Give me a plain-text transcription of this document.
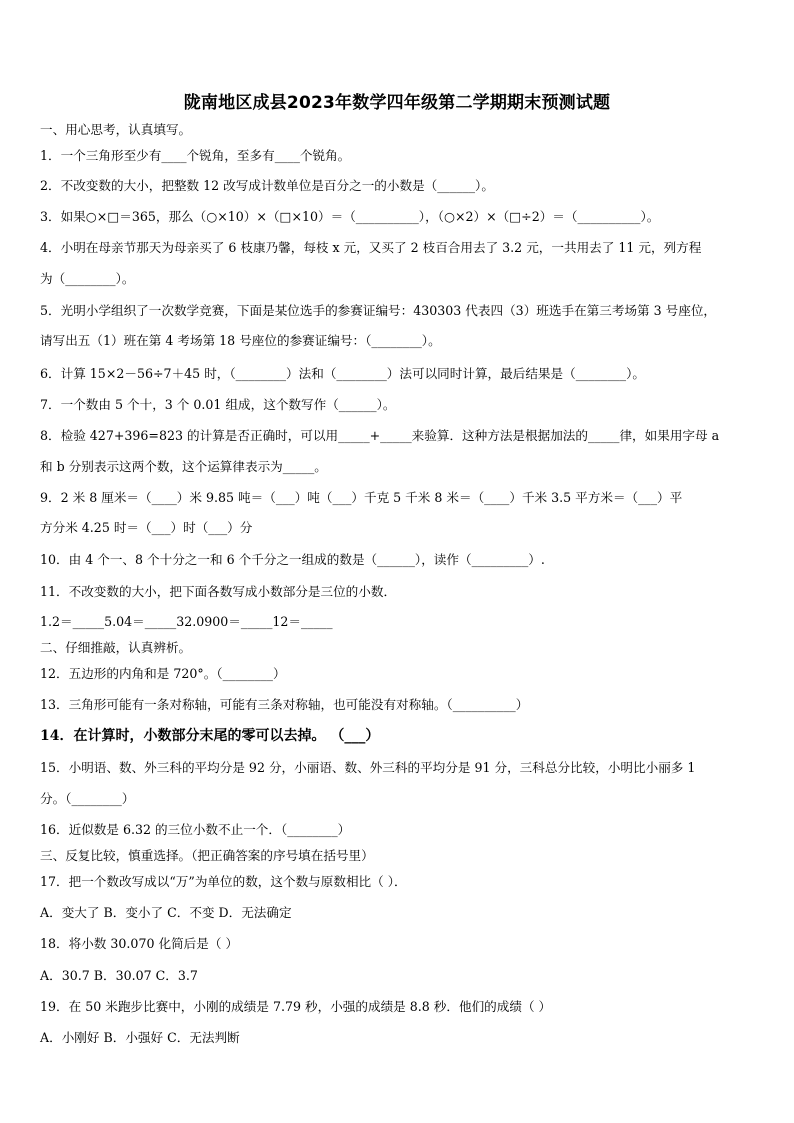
陇南地区成县2023年数学四年级第二学期期末预测试题
一、用心思考，认真填写。
1．一个三角形至少有____个锐角，至多有____个锐角。
2．不改变数的大小，把整数 12 改写成计数单位是百分之一的小数是（______）。
3．如果○×□＝365，那么（○×10）×（□×10）＝（__________），（○×2）×（□÷2）＝（__________）。
4．小明在母亲节那天为母亲买了 6 枝康乃馨，每枝 x 元，又买了 2 枝百合用去了 3.2 元，一共用去了 11 元，列方程
为（________）。
5．光明小学组织了一次数学竞赛，下面是某位选手的参赛证编号：430303 代表四（3）班选手在第三考场第 3 号座位，
请写出五（1）班在第 4 考场第 18 号座位的参赛证编号：（________）。
6．计算 15×2－56÷7＋45 时，（________）法和（________）法可以同时计算，最后结果是（________）。
7．一个数由 5 个十，3 个 0.01 组成，这个数写作（______）。
8．检验 427+396=823 的计算是否正确时，可以用_____+_____来验算．这种方法是根据加法的_____律，如果用字母 a
和 b 分别表示这两个数，这个运算律表示为_____。
9．2 米 8 厘米＝（____）米 9.85 吨＝（___）吨（___）千克 5 千米 8 米＝（____）千米 3.5 平方米＝（___）平
方分米 4.25 时＝（___）时（___）分
10．由 4 个一、8 个十分之一和 6 个千分之一组成的数是（______），读作（_________）.
11．不改变数的大小，把下面各数写成小数部分是三位的小数．
1.2＝_____5.04＝_____32.0900＝_____12＝_____
二、仔细推敲，认真辨析。
12．五边形的内角和是 720°。（________）
13．三角形可能有一条对称轴，可能有三条对称轴，也可能没有对称轴。（__________）
14．在计算时，小数部分末尾的零可以去掉。 （___）
15．小明语、数、外三科的平均分是 92 分，小丽语、数、外三科的平均分是 91 分，三科总分比较，小明比小丽多 1
分。（________）
16．近似数是 6.32 的三位小数不止一个．（________）
三、反复比较，慎重选择。（把正确答案的序号填在括号里）
17．把一个数改写成以“万”为单位的数，这个数与原数相比（ ）．
A．变大了 B．变小了 C．不变 D．无法确定
18．将小数 30.070 化简后是（ ）
A．30.7 B．30.07 C．3.7
19．在 50 米跑步比赛中，小刚的成绩是 7.79 秒，小强的成绩是 8.8 秒．他们的成绩（ ）
A．小刚好 B．小强好 C．无法判断
